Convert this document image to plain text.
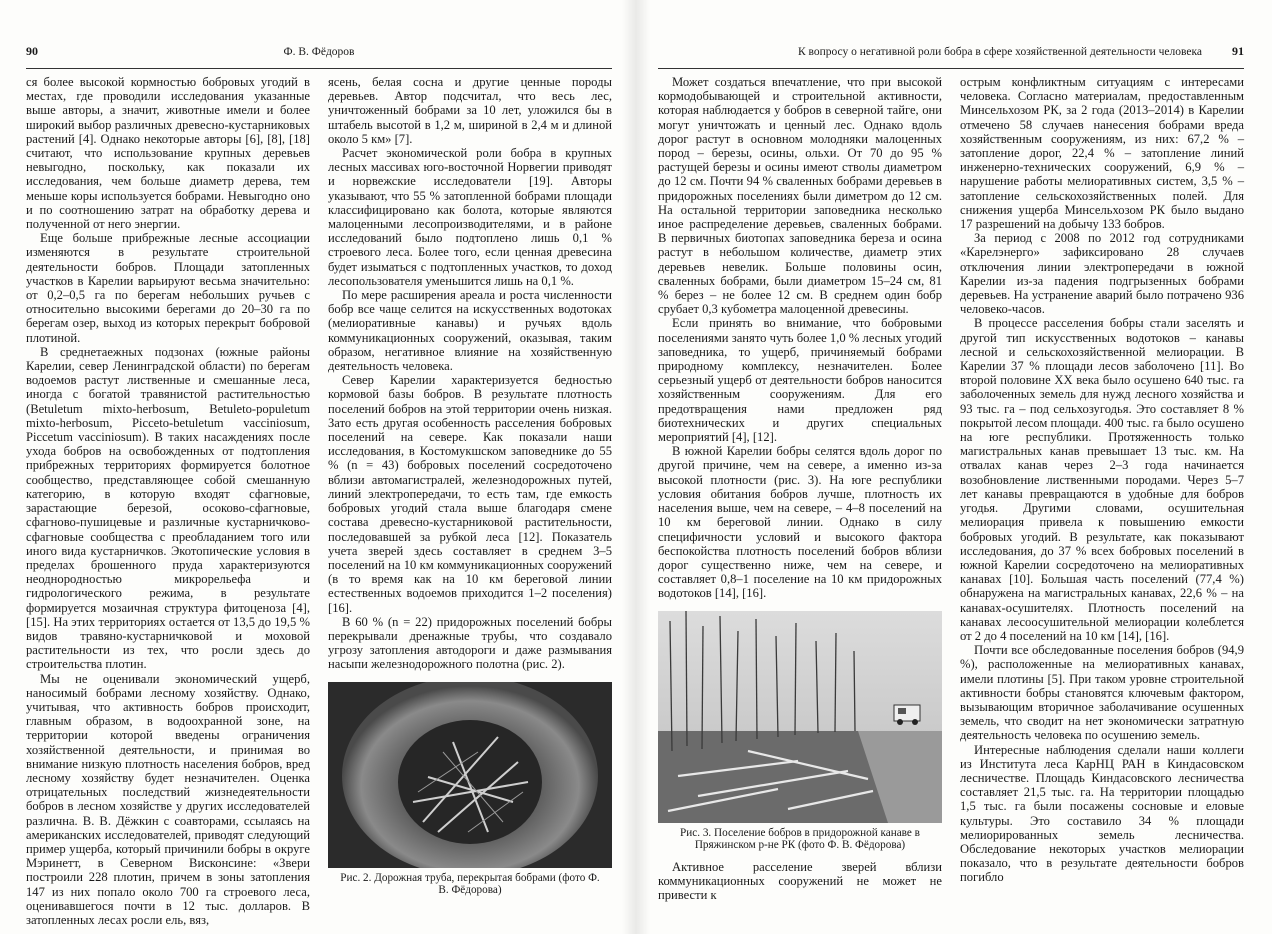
90	Ф. В. Фёдоров

ся более высокой кормностью бобровых угодий в местах, где проводили исследования указанные выше авторы, а значит, животные имели и более широкий выбор различных древесно-кустарниковых растений [4]. Однако некоторые авторы [6], [8], [18] считают, что использование крупных деревьев невыгодно, поскольку, как показали их исследования, чем больше диаметр дерева, тем меньше коры используется бобрами. Невыгодно оно и по соотношению затрат на обработку дерева и полученной от него энергии.

Еще больше прибрежные лесные ассоциации изменяются в результате строительной деятельности бобров. Площади затопленных участков в Карелии варьируют весьма значительно: от 0,2–0,5 га по берегам небольших ручьев с относительно высокими берегами до 20–30 га по берегам озер, выход из которых перекрыт бобровой плотиной.

В среднетаежных подзонах (южные районы Карелии, север Ленинградской области) по берегам водоемов растут лиственные и смешанные леса, иногда с богатой травянистой растительностью (Betuletum mixto-herbosum, Betuleto-populetum mixto-herbosum, Picceto-betuletum vacciniosum, Piccetum vacciniosum). В таких насаждениях после ухода бобров на освобожденных от подтопления прибрежных территориях формируется болотное сообщество, представляющее собой смешанную категорию, в которую входят сфагновые, зарастающие березой, осоково-сфагновые, сфагново-пушицевые и различные кустарничково-сфагновые сообщества с преобладанием того или иного вида кустарничков. Экотопические условия в пределах брошенного пруда характеризуются неоднородностью микрорельефа и гидрологического режима, в результате формируется мозаичная структура фитоценоза [4], [15]. На этих территориях остается от 13,5 до 19,5 % видов травяно-кустарничковой и моховой растительности из тех, что росли здесь до строительства плотин.

Мы не оценивали экономический ущерб, наносимый бобрами лесному хозяйству. Однако, учитывая, что активность бобров происходит, главным образом, в водоохранной зоне, на территории которой введены ограничения хозяйственной деятельности, и принимая во внимание низкую плотность населения бобров, вред лесному хозяйству будет незначителен. Оценка отрицательных последствий жизнедеятельности бобров в лесном хозяйстве у других исследователей различна. В. В. Дёжкин с соавторами, ссылаясь на американских исследователей, приводят следующий пример ущерба, который причинили бобры в округе Мэринетт, в Северном Висконсине: «Звери построили 228 плотин, причем в зоны затопления 147 из них попало около 700 га строевого леса, оценивавшегося почти в 12 тыс. долларов. В затопленных лесах росли ель, вяз,

ясень, белая сосна и другие ценные породы деревьев. Автор подсчитал, что весь лес, уничтоженный бобрами за 10 лет, уложился бы в штабель высотой в 1,2 м, шириной в 2,4 м и длиной около 5 км» [7].

Расчет экономической роли бобра в крупных лесных массивах юго-восточной Норвегии приводят и норвежские исследователи [19]. Авторы указывают, что 55 % затопленной бобрами площади классифицировано как болота, которые являются малоценными лесопроизводителями, и в районе исследований было подтоплено лишь 0,1 % строевого леса. Более того, если ценная древесина будет изыматься с подтопленных участков, то доход лесопользователя уменьшится лишь на 0,1 %.

По мере расширения ареала и роста численности бобр все чаще селится на искусственных водотоках (мелиоративные канавы) и ручьях вдоль коммуникационных сооружений, оказывая, таким образом, негативное влияние на хозяйственную деятельность человека.

Север Карелии характеризуется бедностью кормовой базы бобров. В результате плотность поселений бобров на этой территории очень низкая. Зато есть другая особенность расселения бобровых поселений на севере. Как показали наши исследования, в Костомукшском заповеднике до 55 % (n = 43) бобровых поселений сосредоточено вблизи автомагистралей, железнодорожных путей, линий электропередачи, то есть там, где емкость бобровых угодий стала выше благодаря смене состава древесно-кустарниковой растительности, последовавшей за рубкой леса [12]. Показатель учета зверей здесь составляет в среднем 3–5 поселений на 10 км коммуникационных сооружений (в то время как на 10 км береговой линии естественных водоемов приходится 1–2 поселения) [16].

В 60 % (n = 22) придорожных поселений бобры перекрывали дренажные трубы, что создавало угрозу затопления автодороги и даже размывания насыпи железнодорожного полотна (рис. 2).

Рис. 2. Дорожная труба, перекрытая бобрами (фото Ф. В. Фёдорова)
К вопросу о негативной роли бобра в сфере хозяйственной деятельности человека	91

Может создаться впечатление, что при высокой кормодобывающей и строительной активности, которая наблюдается у бобров в северной тайге, они могут уничтожать и ценный лес. Однако вдоль дорог растут в основном молодняки малоценных пород – березы, осины, ольхи. От 70 до 95 % растущей березы и осины имеют стволы диаметром до 12 см. Почти 94 % сваленных бобрами деревьев в придорожных поселениях были диметром до 12 см. На остальной территории заповедника несколько иное распределение деревьев, сваленных бобрами. В первичных биотопах заповедника береза и осина растут в небольшом количестве, диаметр этих деревьев невелик. Больше половины осин, сваленных бобрами, были диаметром 15–24 см, 81 % берез – не более 12 см. В среднем один бобр срубает 0,3 кубометра малоценной древесины.

Если принять во внимание, что бобровыми поселениями занято чуть более 1,0 % лесных угодий заповедника, то ущерб, причиняемый бобрами природному комплексу, незначителен. Более серьезный ущерб от деятельности бобров наносится хозяйственным сооружениям. Для его предотвращения нами предложен ряд биотехнических и других специальных мероприятий [4], [12].

В южной Карелии бобры селятся вдоль дорог по другой причине, чем на севере, а именно из-за высокой плотности (рис. 3). На юге республики условия обитания бобров лучше, плотность их населения выше, чем на севере, – 4–8 поселений на 10 км береговой линии. Однако в силу специфичности условий и высокого фактора беспокойства плотность поселений бобров вблизи дорог существенно ниже, чем на севере, и составляет 0,8–1 поселение на 10 км придорожных водотоков [14], [16].

Рис. 3. Поселение бобров в придорожной канаве в Пряжинском р-не РК (фото Ф. В. Фёдорова)

Активное расселение зверей вблизи коммуникационных сооружений не может не привести к

острым конфликтным ситуациям с интересами человека. Согласно материалам, предоставленным Минсельхозом РК, за 2 года (2013–2014) в Карелии отмечено 58 случаев нанесения бобрами вреда хозяйственным сооружениям, из них: 67,2 % – затопление дорог, 22,4 % – затопление линий инженерно-технических сооружений, 6,9 % – нарушение работы мелиоративных систем, 3,5 % – затопление сельскохозяйственных полей. Для снижения ущерба Минсельхозом РК было выдано 17 разрешений на добычу 133 бобров.

За период с 2008 по 2012 год сотрудниками «Карелэнерго» зафиксировано 28 случаев отключения линии электропередачи в южной Карелии из-за падения подгрызенных бобрами деревьев. На устранение аварий было потрачено 936 человеко-часов.

В процессе расселения бобры стали заселять и другой тип искусственных водотоков – канавы лесной и сельскохозяйственной мелиорации. В Карелии 37 % площади лесов заболочено [11]. Во второй половине XX века было осушено 640 тыс. га заболоченных земель для нужд лесного хозяйства и 93 тыс. га – под сельхозугодья. Это составляет 8 % покрытой лесом площади. 400 тыс. га было осушено на юге республики. Протяженность только магистральных канав превышает 13 тыс. км. На отвалах канав через 2–3 года начинается возобновление лиственными породами. Через 5–7 лет канавы превращаются в удобные для бобров угодья. Другими словами, осушительная мелиорация привела к повышению емкости бобровых угодий. В результате, как показывают исследования, до 37 % всех бобровых поселений в южной Карелии сосредоточено на мелиоративных канавах [10]. Большая часть поселений (77,4 %) обнаружена на магистральных канавах, 22,6 % – на канавах-осушителях. Плотность поселений на канавах лесоосушительной мелиорации колеблется от 2 до 4 поселений на 10 км [14], [16].

Почти все обследованные поселения бобров (94,9 %), расположенные на мелиоративных канавах, имели плотины [5]. При таком уровне строительной активности бобры становятся ключевым фактором, вызывающим вторичное заболачивание осушенных земель, что сводит на нет экономически затратную деятельность человека по осушению земель.

Интересные наблюдения сделали наши коллеги из Института леса КарНЦ РАН в Киндасовском лесничестве. Площадь Киндасовского лесничества составляет 21,5 тыс. га. На территории площадью 1,5 тыс. га были посажены сосновые и еловые культуры. Это составило 34 % площади мелиорированных земель лесничества. Обследование некоторых участков мелиорации показало, что в результате деятельности бобров погибло
